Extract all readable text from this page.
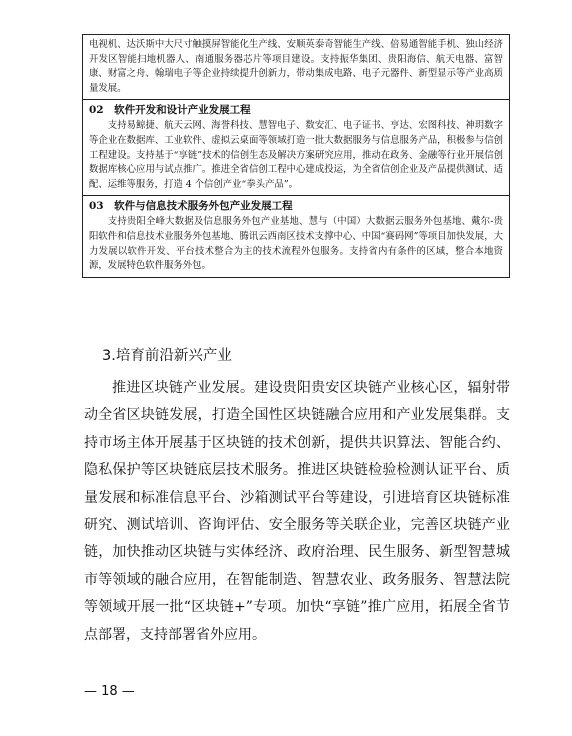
电视机、达沃斯中大尺寸触摸屏智能化生产线、安顺英泰奇智能生产线、倍易通智能手机、独山经济开发区智能扫地机器人、南通服务器芯片等项目建设。支持振华集团、贵阳海信、航天电器、富智康、财富之舟、翰瑞电子等企业持续提升创新力，带动集成电路、电子元器件、新型显示等产业高质量发展。
02　软件开发和设计产业发展工程
支持易鲸捷、航天云网、海誉科技、慧智电子、数安汇、电子证书、亨达、宏图科技、神玥数字等企业在数据库、工业软件、虚拟云桌面等领域打造一批大数据服务与信息服务产品，积极参与信创工程建设。支持基于“享链”技术的信创生态及解决方案研究应用，推动在政务、金融等行业开展信创数据库核心应用与试点推广。推进全省信创工程中心建成投运，为全省信创企业及产品提供测试、适配、运维等服务，打造 4 个信创产业“拳头产品”。
03　软件与信息技术服务外包产业发展工程
支持贵阳全峰大数据及信息服务外包产业基地、慧与（中国）大数据云服务外包基地、戴尔-贵阳软件和信息技术业服务外包基地、腾讯云西南区技术支撑中心、中国“赛码网”等项目加快发展，大力发展以软件开发、平台技术整合为主的技术流程外包服务。支持省内有条件的区域，整合本地资源，发展特色软件服务外包。
3.培育前沿新兴产业
推进区块链产业发展。建设贵阳贵安区块链产业核心区，辐射带动全省区块链发展，打造全国性区块链融合应用和产业发展集群。支持市场主体开展基于区块链的技术创新，提供共识算法、智能合约、隐私保护等区块链底层技术服务。推进区块链检验检测认证平台、质量发展和标准信息平台、沙箱测试平台等建设，引进培育区块链标准研究、测试培训、咨询评估、安全服务等关联企业，完善区块链产业链，加快推动区块链与实体经济、政府治理、民生服务、新型智慧城市等领域的融合应用，在智能制造、智慧农业、政务服务、智慧法院等领域开展一批“区块链+”专项。加快“享链”推广应用，拓展全省节点部署，支持部署省外应用。
— 18 —
